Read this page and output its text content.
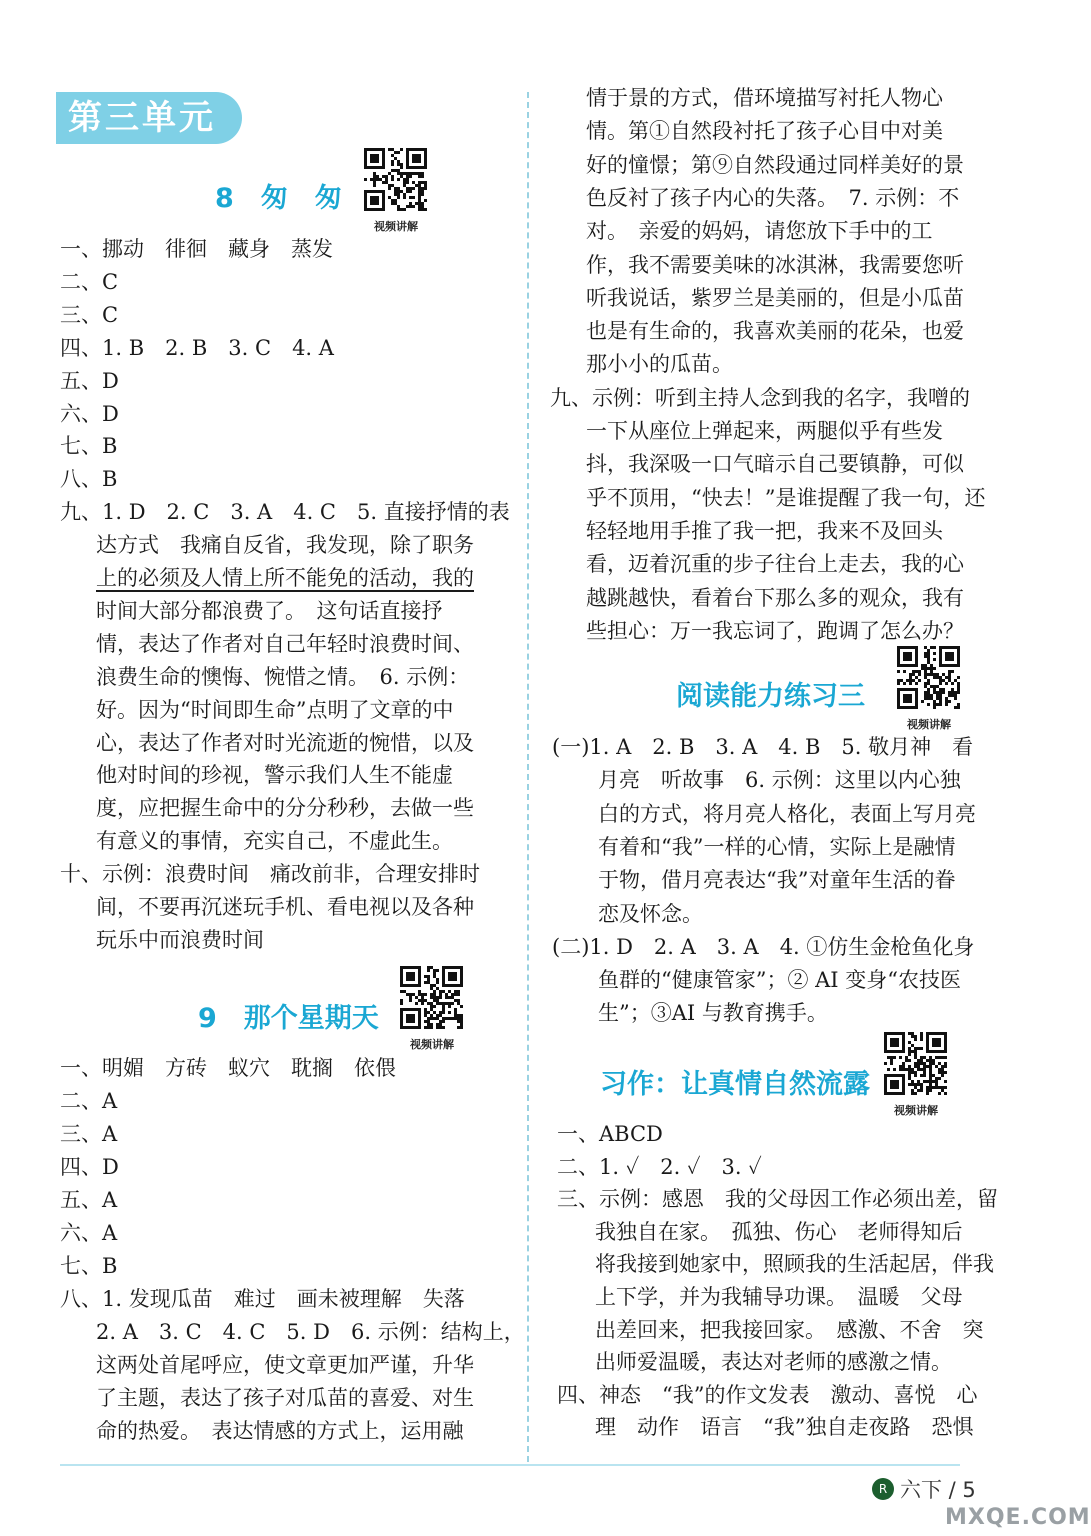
第三单元
8　匆　匆
视频讲解
一、挪动　徘徊　藏身　蒸发
二、C
三、C
四、1. B　2. B　3. C　4. A
五、D
六、D
七、B
八、B
九、1. D　2. C　3. A　4. C　5. 直接抒情的表
达方式　我痛自反省，我发现，除了职务
上的必须及人情上所不能免的活动，我的
时间大部分都浪费了。　这句话直接抒
情，表达了作者对自己年轻时浪费时间、
浪费生命的懊悔、惋惜之情。　6. 示例：
好。因为“时间即生命”点明了文章的中
心，表达了作者对时光流逝的惋惜，以及
他对时间的珍视，警示我们人生不能虚
度，应把握生命中的分分秒秒，去做一些
有意义的事情，充实自己，不虚此生。
十、示例：浪费时间　痛改前非，合理安排时
间，不要再沉迷玩手机、看电视以及各种
玩乐中而浪费时间
9　那个星期天
视频讲解
一、明媚　方砖　蚁穴　耽搁　依偎
二、A
三、A
四、D
五、A
六、A
七、B
八、1. 发现瓜苗　难过　画未被理解　失落
2. A　3. C　4. C　5. D　6. 示例：结构上，
这两处首尾呼应，使文章更加严谨，升华
了主题，表达了孩子对瓜苗的喜爱、对生
命的热爱。　表达情感的方式上，运用融
情于景的方式，借环境描写衬托人物心
情。第①自然段衬托了孩子心目中对美
好的憧憬；第⑨自然段通过同样美好的景
色反衬了孩子内心的失落。　7. 示例：不
对。　亲爱的妈妈，请您放下手中的工
作，我不需要美味的冰淇淋，我需要您听
听我说话，紫罗兰是美丽的，但是小瓜苗
也是有生命的，我喜欢美丽的花朵，也爱
那小小的瓜苗。
九、示例：听到主持人念到我的名字，我噌的
一下从座位上弹起来，两腿似乎有些发
抖，我深吸一口气暗示自己要镇静，可似
乎不顶用，“快去！”是谁提醒了我一句，还
轻轻地用手推了我一把，我来不及回头
看，迈着沉重的步子往台上走去，我的心
越跳越快，看着台下那么多的观众，我有
些担心：万一我忘词了，跑调了怎么办？
阅读能力练习三
视频讲解
(一)1. A　2. B　3. A　4. B　5. 敬月神　看
月亮　听故事　6. 示例：这里以内心独
白的方式，将月亮人格化，表面上写月亮
有着和“我”一样的心情，实际上是融情
于物，借月亮表达“我”对童年生活的眷
恋及怀念。
(二)1. D　2. A　3. A　4. ①仿生金枪鱼化身
鱼群的“健康管家”；② AI 变身“农技医
生”；③AI 与教育携手。
习作：让真情自然流露
视频讲解
一、ABCD
二、1. ✓　2. ✓　3. ✓
三、示例：感恩　我的父母因工作必须出差，留
我独自在家。　孤独、伤心　老师得知后
将我接到她家中，照顾我的生活起居，伴我
上下学，并为我辅导功课。　温暖　父母
出差回来，把我接回家。　感激、不舍　突
出师爱温暖，表达对老师的感激之情。
四、神态　“我”的作文发表　激动、喜悦　心
理　动作　语言　“我”独自走夜路　恐惧
R 六下 / 5
MXQE.COM
